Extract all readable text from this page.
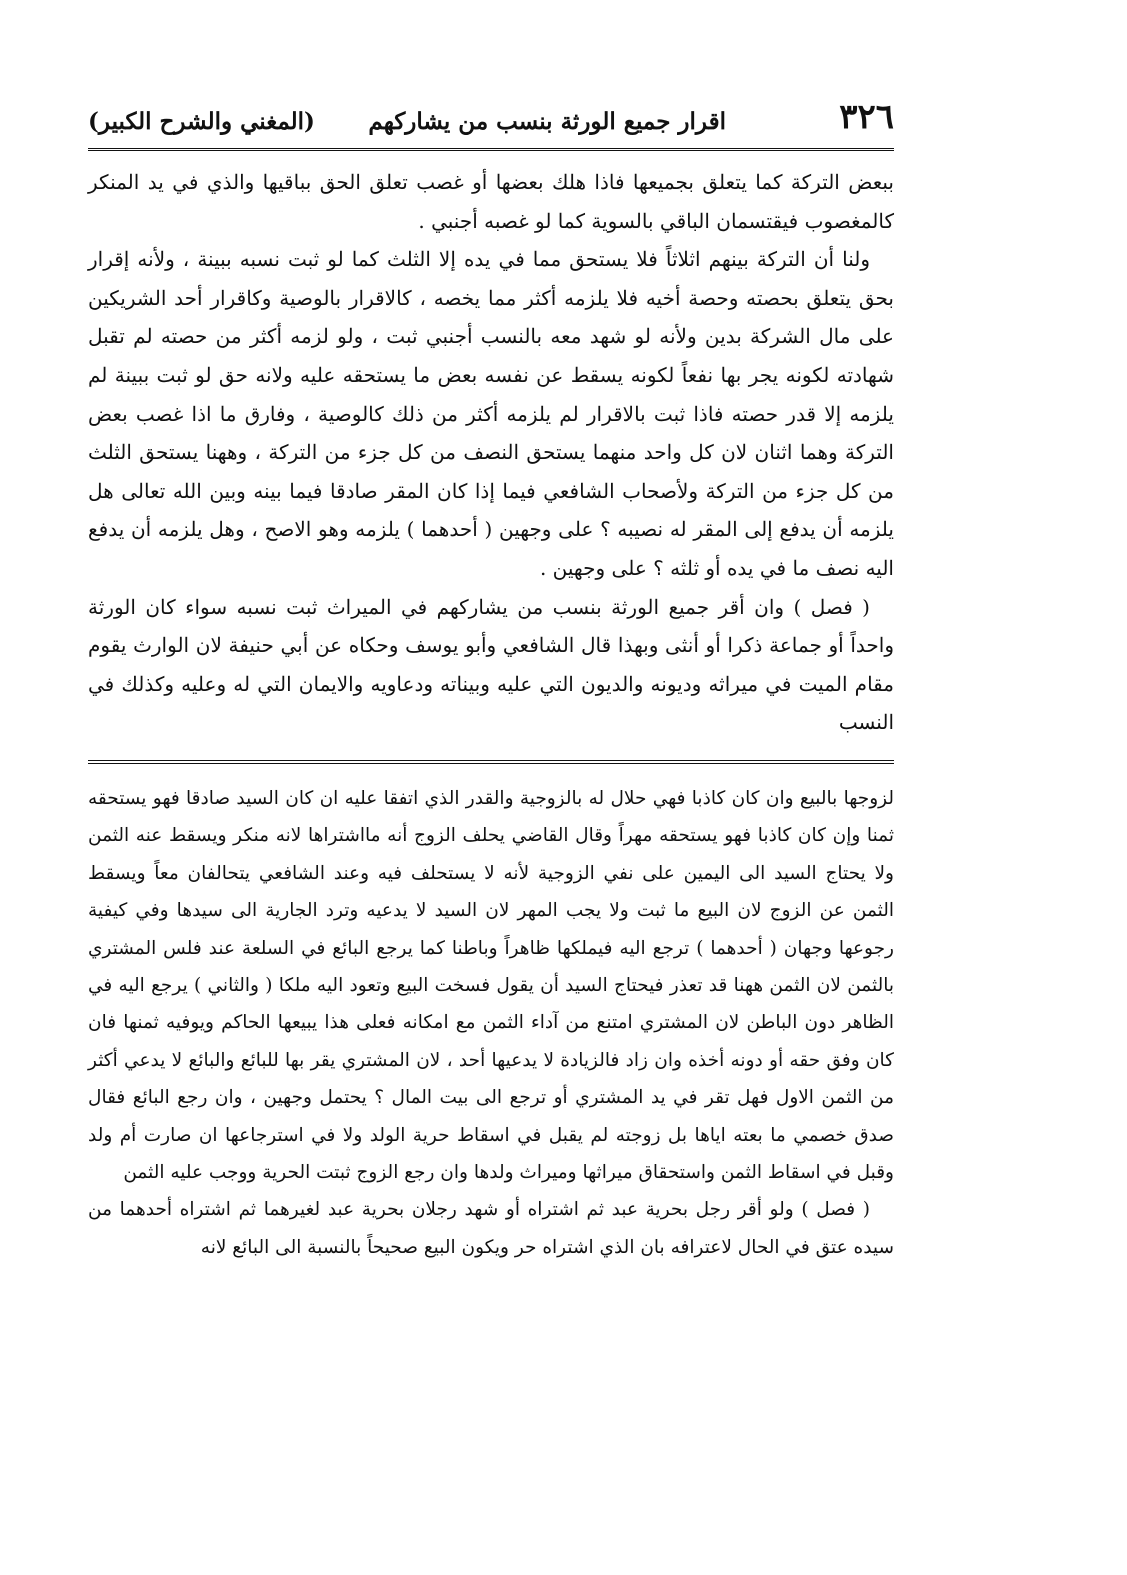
٣٢٦
اقرار جميع الورثة بنسب من يشاركهم
(المغني والشرح الكبير)

ببعض التركة كما يتعلق بجميعها فاذا هلك بعضها أو غصب تعلق الحق بباقيها والذي في يد المنكر كالمغصوب فيقتسمان الباقي بالسوية كما لو غصبه أجنبي .

ولنا أن التركة بينهم اثلاثاً فلا يستحق مما في يده إلا الثلث كما لو ثبت نسبه ببينة ، ولأنه إقرار بحق يتعلق بحصته وحصة أخيه فلا يلزمه أكثر مما يخصه ، كالاقرار بالوصية وكاقرار أحد الشريكين على مال الشركة بدين ولأنه لو شهد معه بالنسب أجنبي ثبت ، ولو لزمه أكثر من حصته لم تقبل شهادته لكونه يجر بها نفعاً لكونه يسقط عن نفسه بعض ما يستحقه عليه ولانه حق لو ثبت ببينة لم يلزمه إلا قدر حصته فاذا ثبت بالاقرار لم يلزمه أكثر من ذلك كالوصية ، وفارق ما اذا غصب بعض التركة وهما اثنان لان كل واحد منهما يستحق النصف من كل جزء من التركة ، وههنا يستحق الثلث من كل جزء من التركة ولأصحاب الشافعي فيما إذا كان المقر صادقا فيما بينه وبين الله تعالى هل يلزمه أن يدفع إلى المقر له نصيبه ؟ على وجهين ( أحدهما ) يلزمه وهو الاصح ، وهل يلزمه أن يدفع اليه نصف ما في يده أو ثلثه ؟ على وجهين .

( فصل ) وان أقر جميع الورثة بنسب من يشاركهم في الميراث ثبت نسبه سواء كان الورثة واحداً أو جماعة ذكرا أو أنثى وبهذا قال الشافعي وأبو يوسف وحكاه عن أبي حنيفة لان الوارث يقوم مقام الميت في ميراثه وديونه والديون التي عليه وبيناته ودعاويه والايمان التي له وعليه وكذلك في النسب

لزوجها بالبيع وان كان كاذبا فهي حلال له بالزوجية والقدر الذي اتفقا عليه ان كان السيد صادقا فهو يستحقه ثمنا وإن كان كاذبا فهو يستحقه مهراً وقال القاضي يحلف الزوج أنه مااشتراها لانه منكر ويسقط عنه الثمن ولا يحتاج السيد الى اليمين على نفي الزوجية لأنه لا يستحلف فيه وعند الشافعي يتحالفان معاً ويسقط الثمن عن الزوج لان البيع ما ثبت ولا يجب المهر لان السيد لا يدعيه وترد الجارية الى سيدها وفي كيفية رجوعها وجهان ( أحدهما ) ترجع اليه فيملكها ظاهراً وباطنا كما يرجع البائع في السلعة عند فلس المشتري بالثمن لان الثمن ههنا قد تعذر فيحتاج السيد أن يقول فسخت البيع وتعود اليه ملكا ( والثاني ) يرجع اليه في الظاهر دون الباطن لان المشتري امتنع من آداء الثمن مع امكانه فعلى هذا يبيعها الحاكم ويوفيه ثمنها فان كان وفق حقه أو دونه أخذه وان زاد فالزيادة لا يدعيها أحد ، لان المشتري يقر بها للبائع والبائع لا يدعي أكثر من الثمن الاول فهل تقر في يد المشتري أو ترجع الى بيت المال ؟ يحتمل وجهين ، وان رجع البائع فقال صدق خصمي ما بعته اياها بل زوجته لم يقبل في اسقاط حرية الولد ولا في استرجاعها ان صارت أم ولد وقبل في اسقاط الثمن واستحقاق ميراثها وميراث ولدها وان رجع الزوج ثبتت الحرية ووجب عليه الثمن

( فصل ) ولو أقر رجل بحرية عبد ثم اشتراه أو شهد رجلان بحرية عبد لغيرهما ثم اشتراه أحدهما من سيده عتق في الحال لاعترافه بان الذي اشتراه حر ويكون البيع صحيحاً بالنسبة الى البائع لانه
